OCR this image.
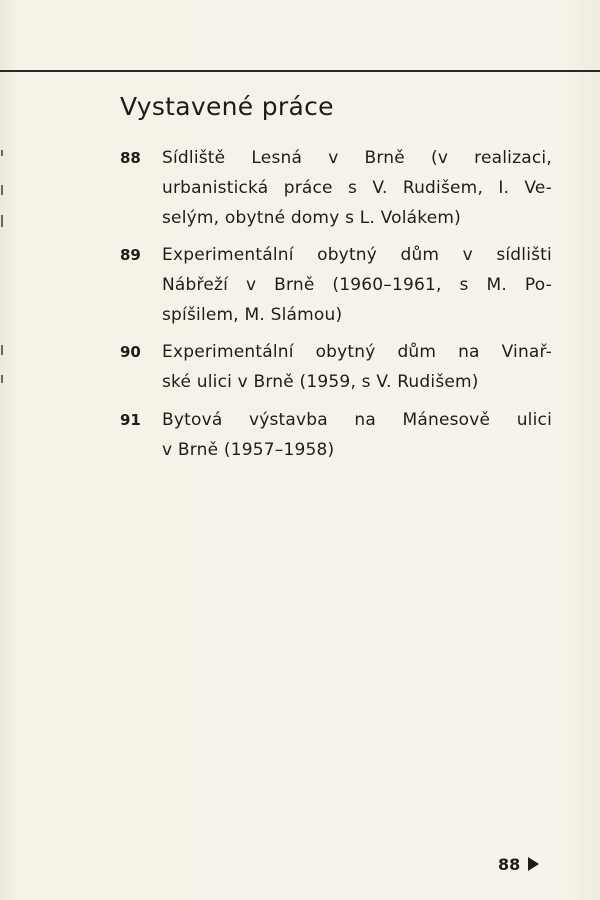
Vystavené práce
88	Sídliště Lesná v Brně (v realizaci,
urbanistická práce s V. Rudišem, I. Ve-
selým, obytné domy s L. Volákem)
89	Experimentální obytný dům v sídlišti
Nábřeží v Brně (1960–1961, s M. Po-
spíšilem, M. Slámou)
90	Experimentální obytný dům na Vinař-
ské ulici v Brně (1959, s V. Rudišem)
91	Bytová výstavba na Mánesově ulici
v Brně (1957–1958)
88
